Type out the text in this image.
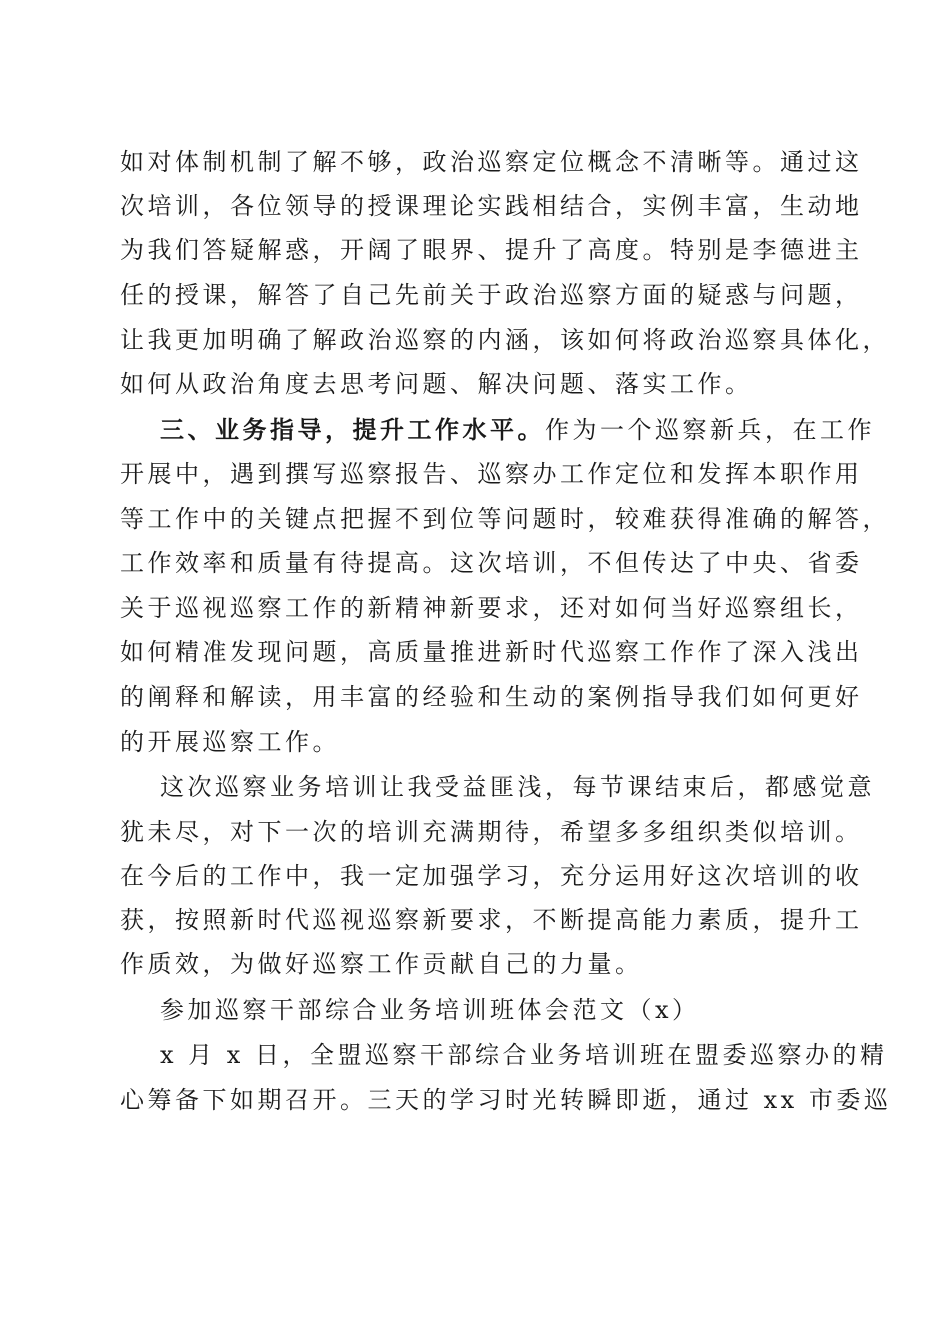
如对体制机制了解不够，政治巡察定位概念不清晰等。通过这
次培训，各位领导的授课理论实践相结合，实例丰富，生动地
为我们答疑解惑，开阔了眼界、提升了高度。特别是李德进主
任的授课，解答了自己先前关于政治巡察方面的疑惑与问题，
让我更加明确了解政治巡察的内涵，该如何将政治巡察具体化，
如何从政治角度去思考问题、解决问题、落实工作。
三、业务指导，提升工作水平。作为一个巡察新兵，在工作
开展中，遇到撰写巡察报告、巡察办工作定位和发挥本职作用
等工作中的关键点把握不到位等问题时，较难获得准确的解答，
工作效率和质量有待提高。这次培训，不但传达了中央、省委
关于巡视巡察工作的新精神新要求，还对如何当好巡察组长，
如何精准发现问题，高质量推进新时代巡察工作作了深入浅出
的阐释和解读，用丰富的经验和生动的案例指导我们如何更好
的开展巡察工作。
这次巡察业务培训让我受益匪浅，每节课结束后，都感觉意
犹未尽，对下一次的培训充满期待，希望多多组织类似培训。
在今后的工作中，我一定加强学习，充分运用好这次培训的收
获，按照新时代巡视巡察新要求，不断提高能力素质，提升工
作质效，为做好巡察工作贡献自己的力量。
参加巡察干部综合业务培训班体会范文（x）
x 月 x 日，全盟巡察干部综合业务培训班在盟委巡察办的精
心筹备下如期召开。三天的学习时光转瞬即逝，通过 xx 市委巡
